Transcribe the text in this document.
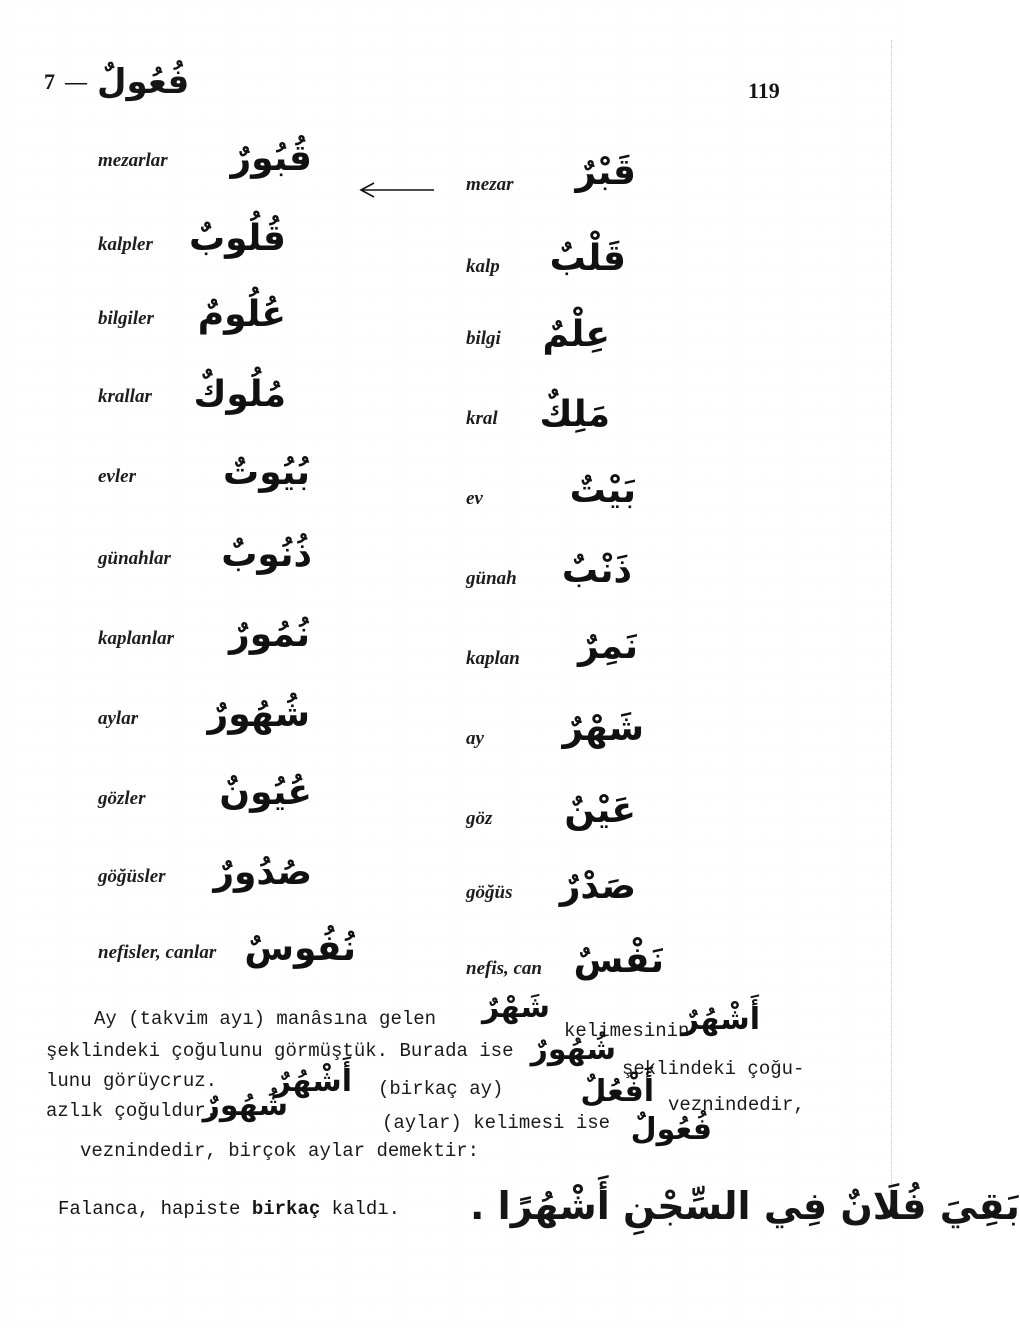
7 — فُعُولٌ	119
mezarlar	قُبُورٌ
kalpler قُلُوبٌ
bilgiler عُلُومٌ
krallar مُلُوكٌ
evler	بُيُوتٌ
günahlar ذُنُوبٌ
kaplanlar نُمُورٌ
aylar شُهُورٌ
gözler	عُيُونٌ
göğüsler صُدُورٌ
nefisler, canlar نُفُوسٌ
mezar	قَبْرٌ
kalp قَلْبٌ
bilgi عِلْمٌ
kral مَلِكٌ
ev	بَيْتٌ
günah ذَنْبٌ
kaplan نَمِرٌ
ay شَهْرٌ
göz	عَيْنٌ
göğüs صَدْرٌ
nefis, can نَفْسٌ
Ay (takvim ayı) manâsına gelen	شَهْرٌ
kelimesinin
أَشْهُرٌ
şeklindeki çoğulunu görmüştük. Burada ise شُهُورٌ
şeklindeki çoğu-
lunu görüycruz.	أَشْهُرٌ (birkaç ay)	أَفْعُلٌ veznindedir,
azlık çoğuldur.
شُهُورٌ	(aylar) kelimesi ise فُعُولٌ
veznindedir, birçok aylar demektir:
Falanca, hapiste birkaç kaldı. بَقِيَ فُلَانٌ فِي السِّجْنِ أَشْهُرًا .
